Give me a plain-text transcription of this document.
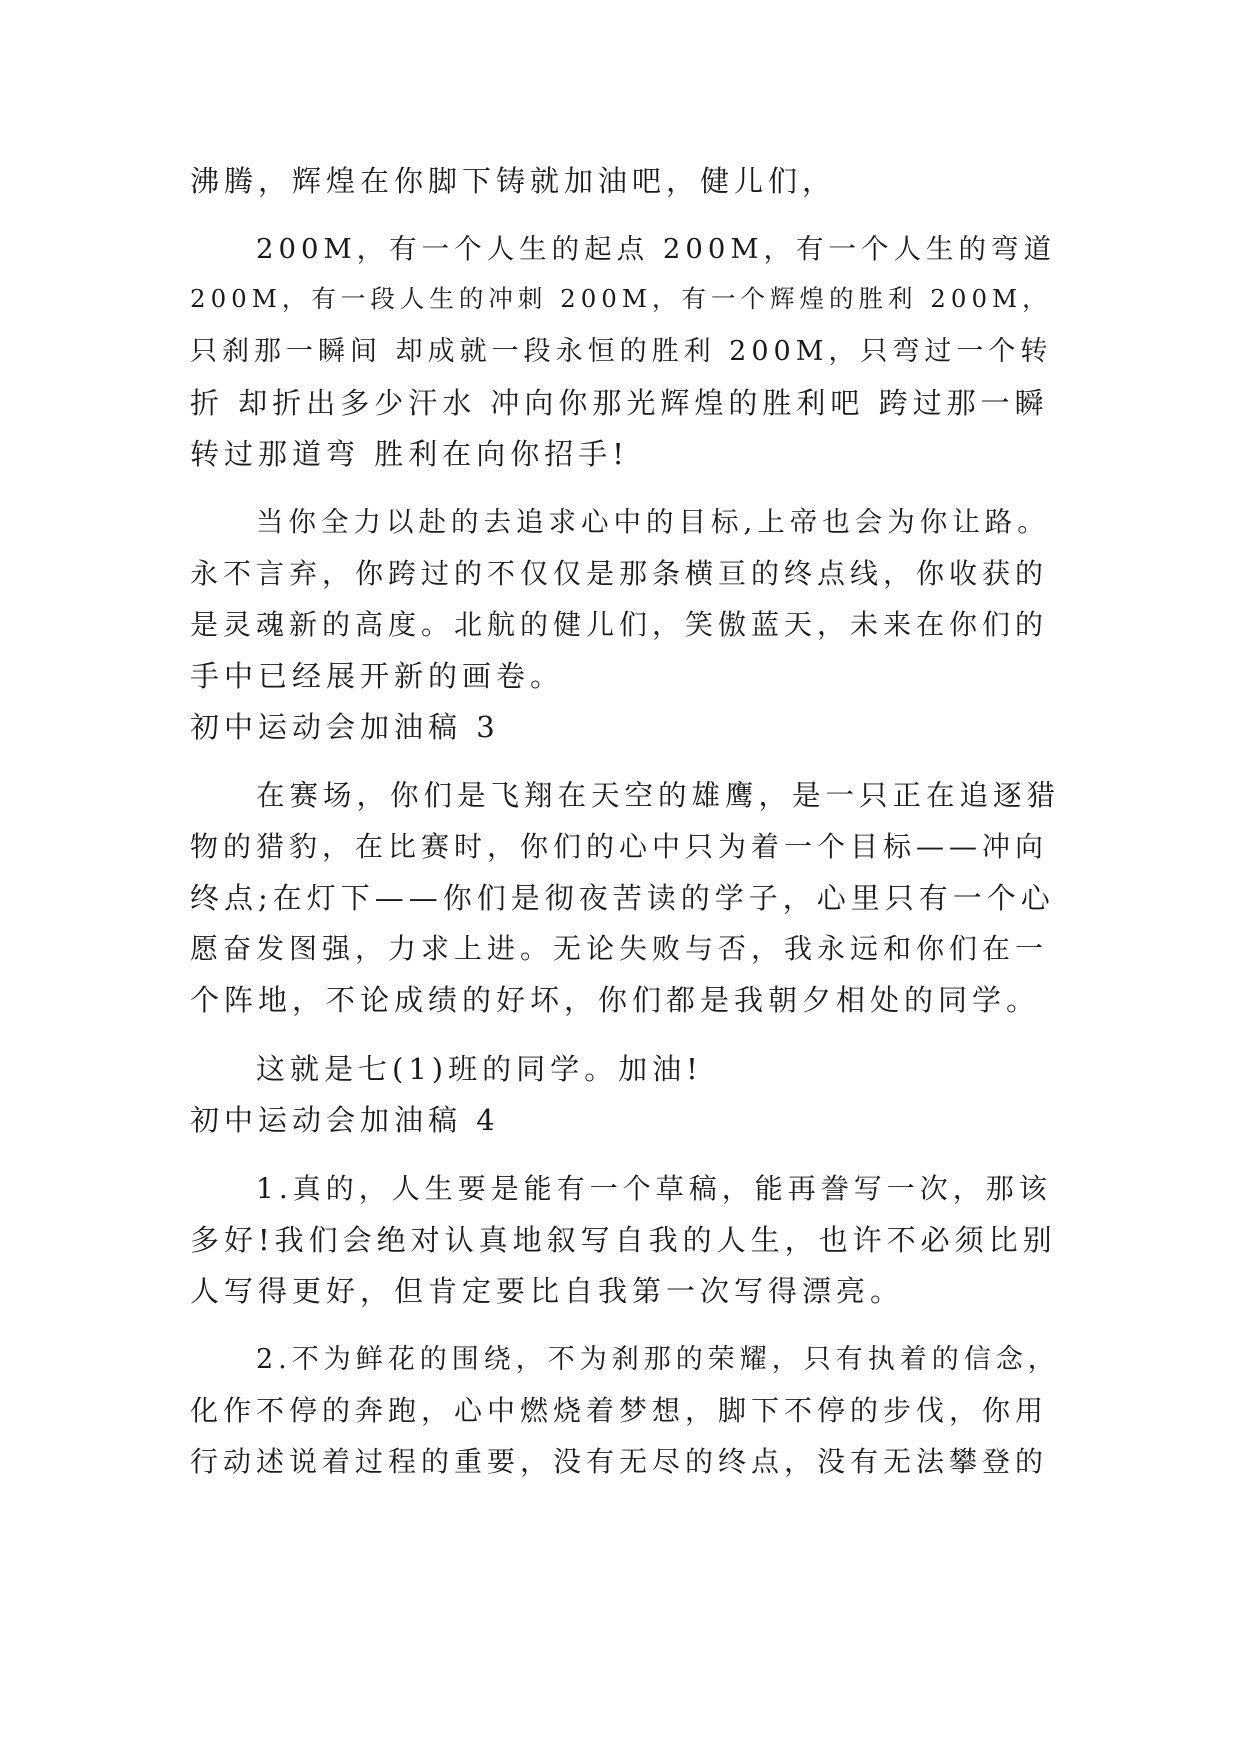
沸腾，辉煌在你脚下铸就加油吧，健儿们，
200M，有一个人生的起点 200M，有一个人生的弯道
200M，有一段人生的冲刺 200M，有一个辉煌的胜利 200M，
只刹那一瞬间 却成就一段永恒的胜利 200M，只弯过一个转
折 却折出多少汗水 冲向你那光辉煌的胜利吧 跨过那一瞬
转过那道弯 胜利在向你招手!
当你全力以赴的去追求心中的目标,上帝也会为你让路。
永不言弃，你跨过的不仅仅是那条横亘的终点线，你收获的
是灵魂新的高度。北航的健儿们，笑傲蓝天，未来在你们的
手中已经展开新的画卷。
初中运动会加油稿 3
在赛场，你们是飞翔在天空的雄鹰，是一只正在追逐猎
物的猎豹，在比赛时，你们的心中只为着一个目标——冲向
终点;在灯下——你们是彻夜苦读的学子，心里只有一个心
愿奋发图强，力求上进。无论失败与否，我永远和你们在一
个阵地，不论成绩的好坏，你们都是我朝夕相处的同学。
这就是七(1)班的同学。加油!
初中运动会加油稿 4
1.真的，人生要是能有一个草稿，能再誊写一次，那该
多好!我们会绝对认真地叙写自我的人生，也许不必须比别
人写得更好，但肯定要比自我第一次写得漂亮。
2.不为鲜花的围绕，不为刹那的荣耀，只有执着的信念，
化作不停的奔跑，心中燃烧着梦想，脚下不停的步伐，你用
行动述说着过程的重要，没有无尽的终点，没有无法攀登的
